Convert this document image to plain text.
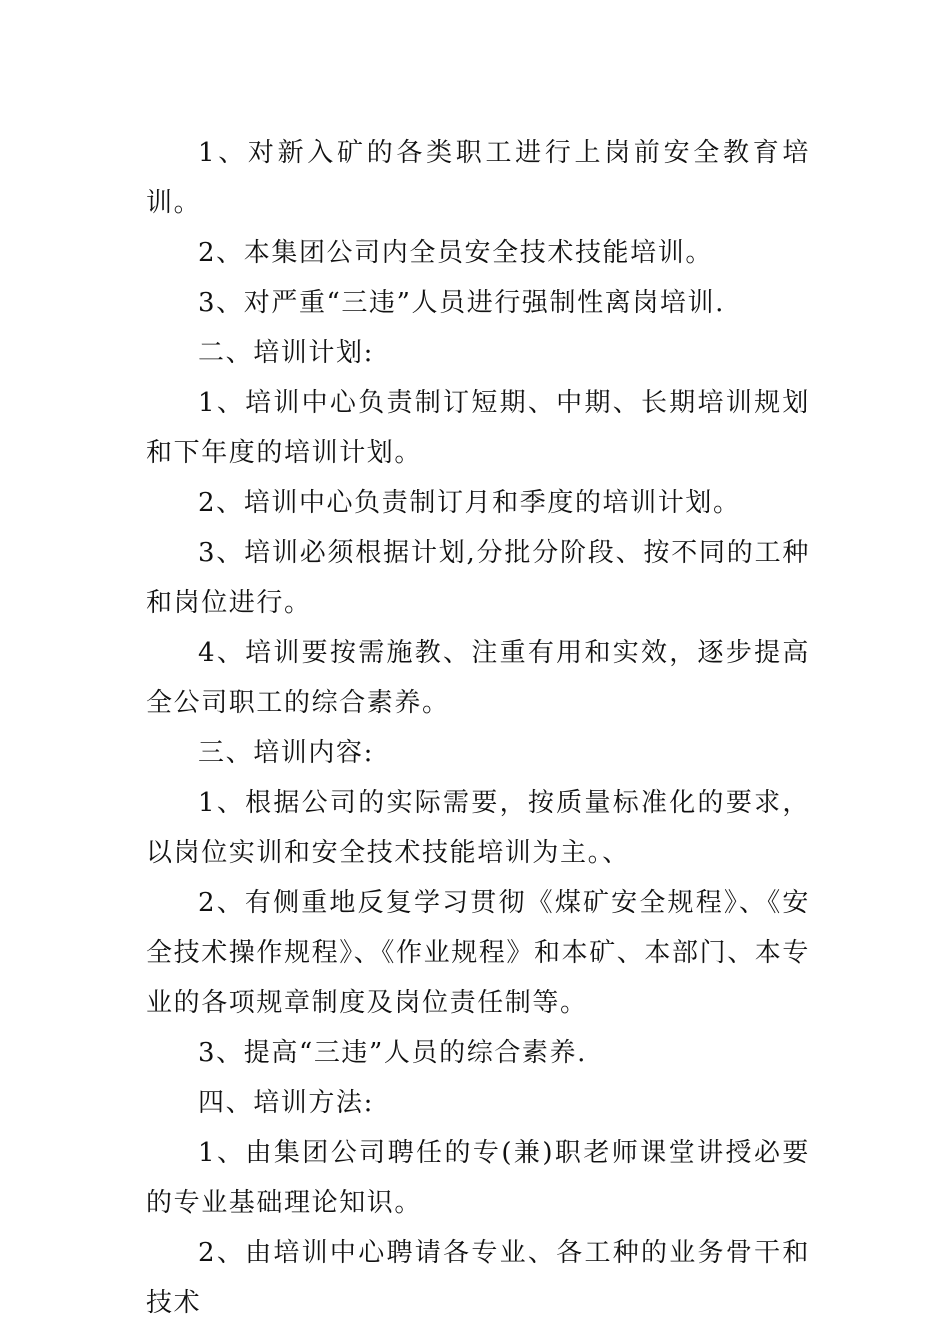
1、对新入矿的各类职工进行上岗前安全教育培训。

2、本集团公司内全员安全技术技能培训。

3、对严重“三违”人员进行强制性离岗培训.

二、培训计划:

1、培训中心负责制订短期、中期、长期培训规划和下年度的培训计划。

2、培训中心负责制订月和季度的培训计划。

3、培训必须根据计划,分批分阶段、按不同的工种和岗位进行。

4、培训要按需施教、注重有用和实效，逐步提高全公司职工的综合素养。

三、培训内容:

1、根据公司的实际需要，按质量标准化的要求，以岗位实训和安全技术技能培训为主。、

2、有侧重地反复学习贯彻《煤矿安全规程》、《安全技术操作规程》、《作业规程》和本矿、本部门、本专业的各项规章制度及岗位责任制等。

3、提高“三违”人员的综合素养.

四、培训方法:

1、由集团公司聘任的专(兼)职老师课堂讲授必要的专业基础理论知识。

2、由培训中心聘请各专业、各工种的业务骨干和技术
